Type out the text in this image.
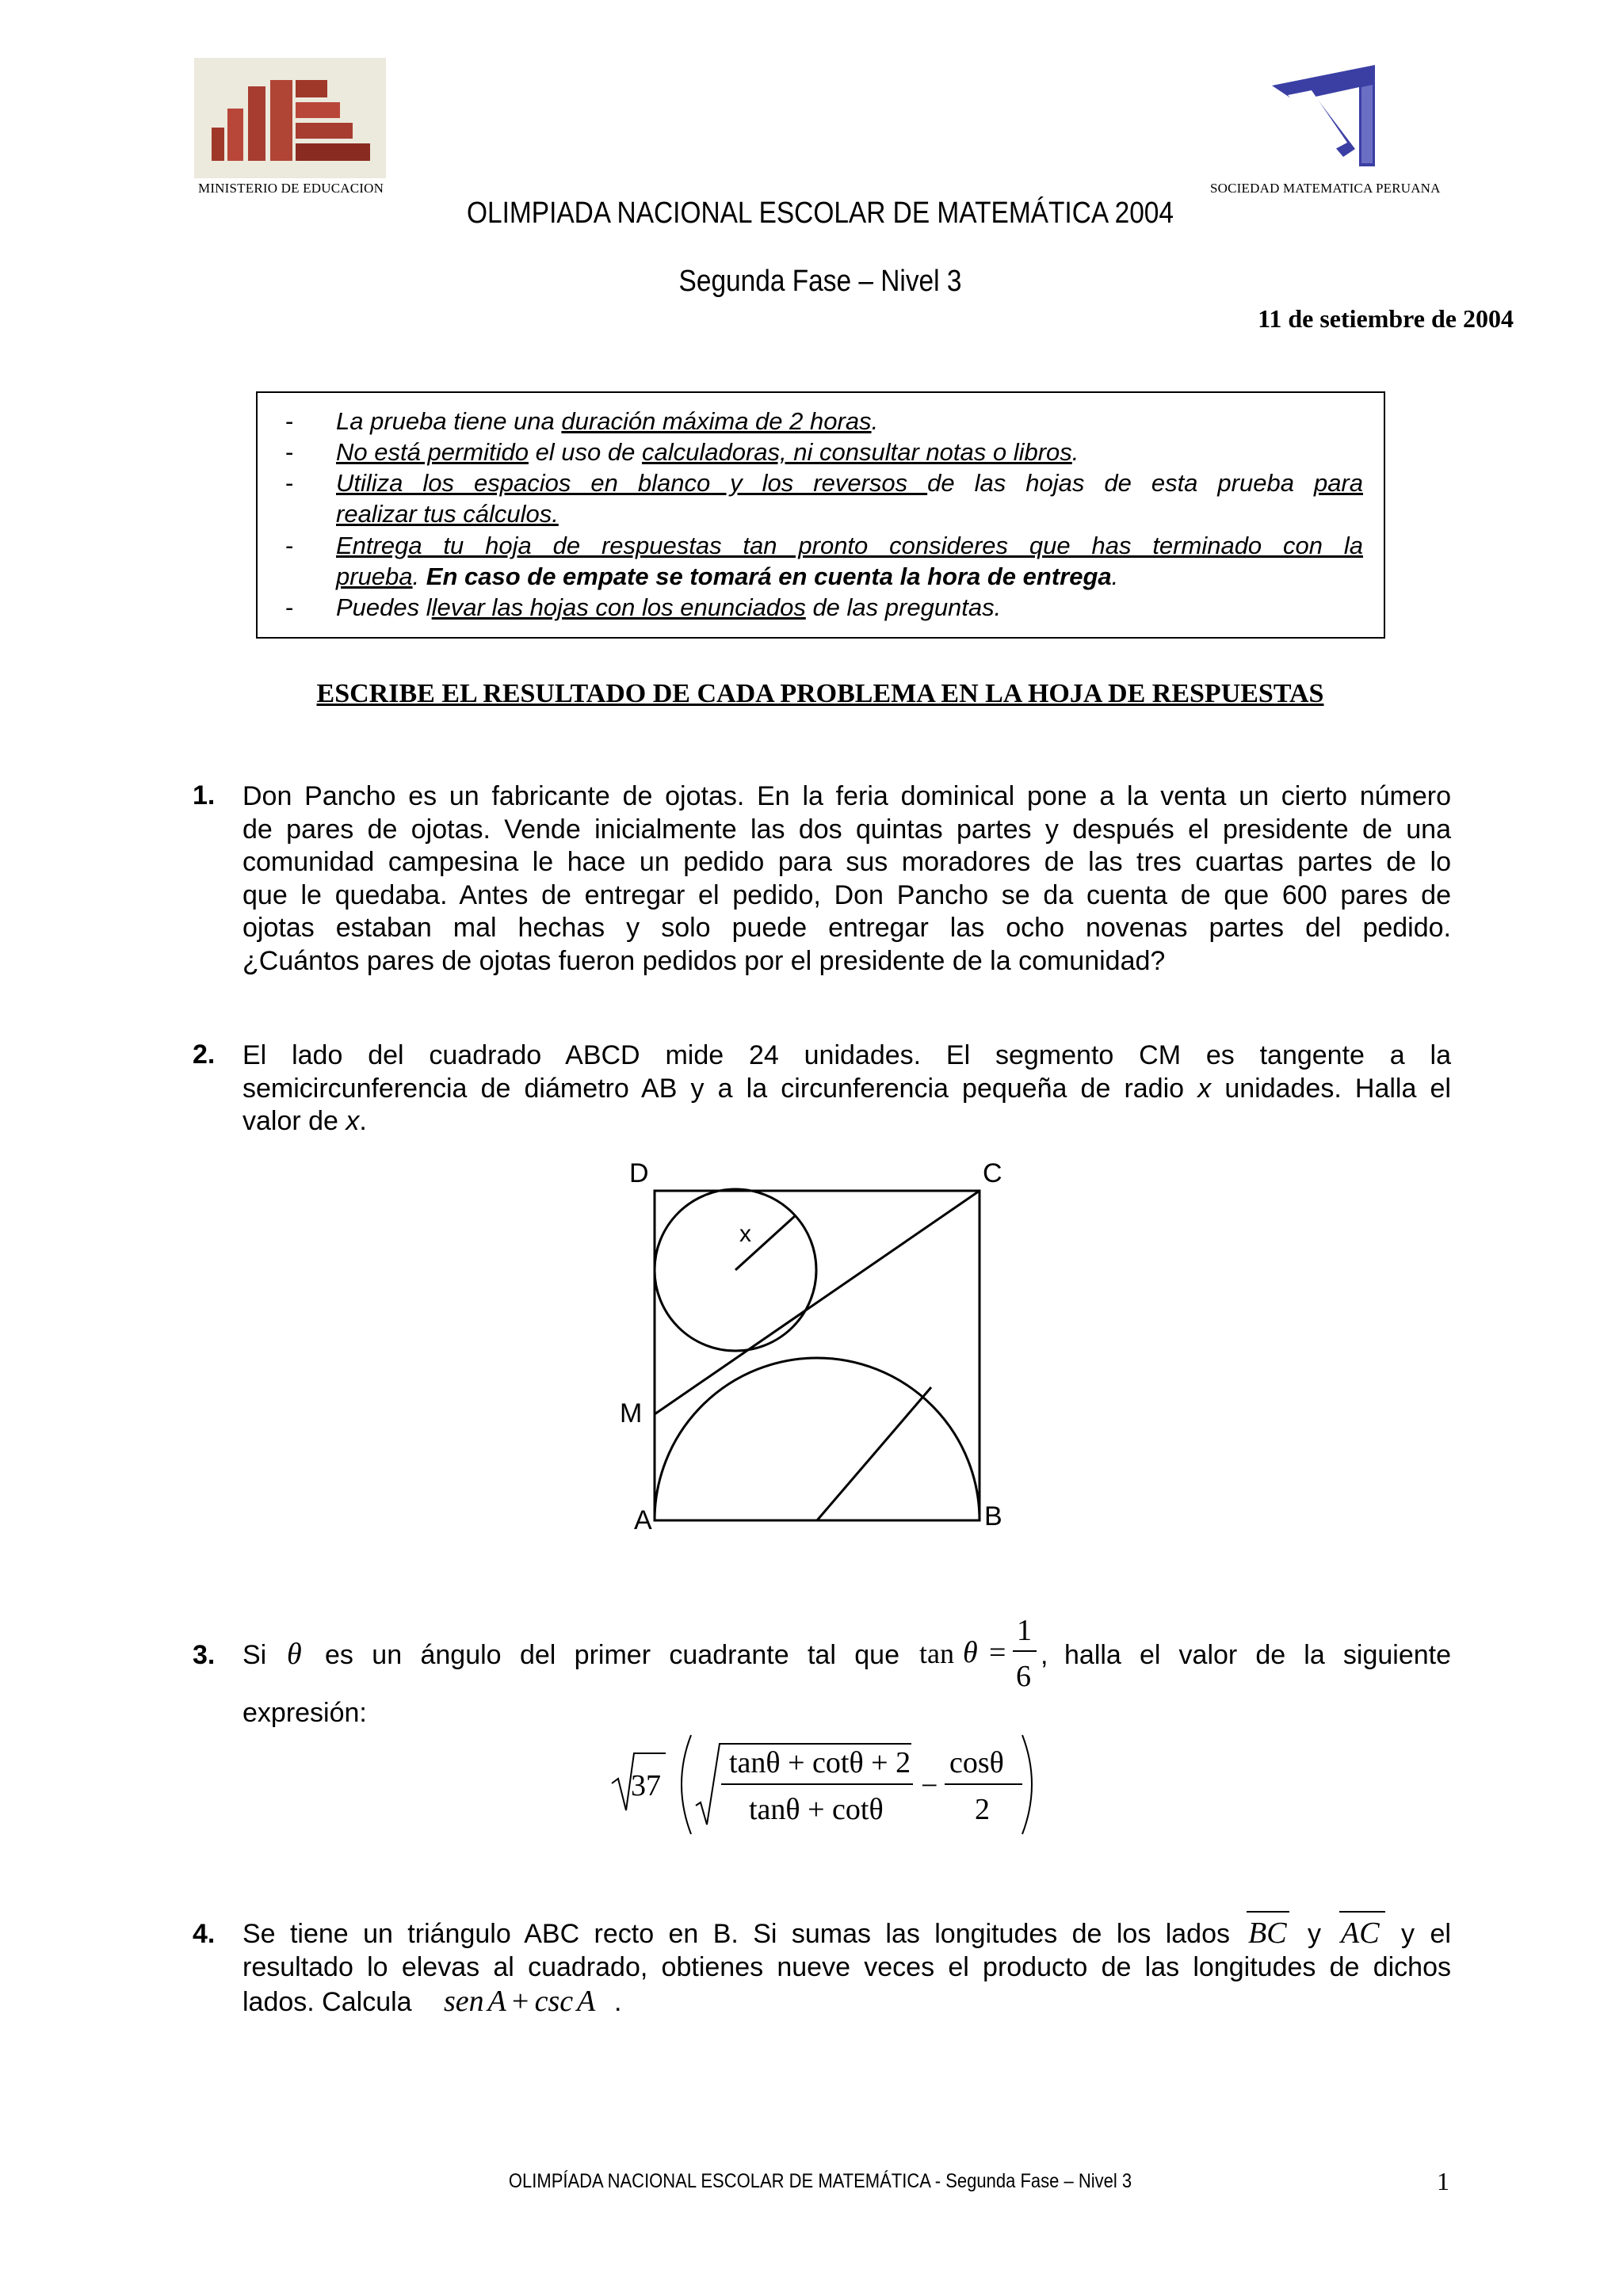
MINISTERIO DE EDUCACION	SOCIEDAD MATEMATICA PERUANA
OLIMPIADA NACIONAL ESCOLAR DE MATEMÁTICA 2004
Segunda Fase – Nivel 3
11 de setiembre de 2004
- La prueba tiene una duración máxima de 2 horas.
- No está permitido el uso de calculadoras, ni consultar notas o libros.
- Utiliza los espacios en blanco y los reversos de las hojas de esta prueba para
realizar tus cálculos.
- Entrega tu hoja de respuestas tan pronto consideres que has terminado con la
prueba. En caso de empate se tomará en cuenta la hora de entrega.
- Puedes llevar las hojas con los enunciados de las preguntas.
ESCRIBE EL RESULTADO DE CADA PROBLEMA EN LA HOJA DE RESPUESTAS
1. Don Pancho es un fabricante de ojotas. En la feria dominical pone a la venta un cierto número
de pares de ojotas. Vende inicialmente las dos quintas partes y después el presidente de una
comunidad campesina le hace un pedido para sus moradores de las tres cuartas partes de lo
que le quedaba. Antes de entregar el pedido, Don Pancho se da cuenta de que 600 pares de
ojotas estaban mal hechas y solo puede entregar las ocho novenas partes del pedido.
¿Cuántos pares de ojotas fueron pedidos por el presidente de la comunidad?
2. El lado del cuadrado ABCD mide 24 unidades. El segmento CM es tangente a la
semicircunferencia de diámetro AB y a la circunferencia pequeña de radio x unidades. Halla el
valor de x.
D	C
M
A	B
x
3. Si θ es un ángulo del primer cuadrante tal que tan θ =
1
6
, halla el valor de la siguiente
expresión:
37
tanθ + cotθ + 2
tanθ + cotθ
−
cosθ
2
4. Se tiene un triángulo ABC recto en B. Si sumas las longitudes de los lados BC y AC y el
resultado lo elevas al cuadrado, obtienes nueve veces el producto de las longitudes de dichos
lados. Calcula sen A + csc A .
OLIMPÍADA NACIONAL ESCOLAR DE MATEMÁTICA - Segunda Fase – Nivel 3	1
